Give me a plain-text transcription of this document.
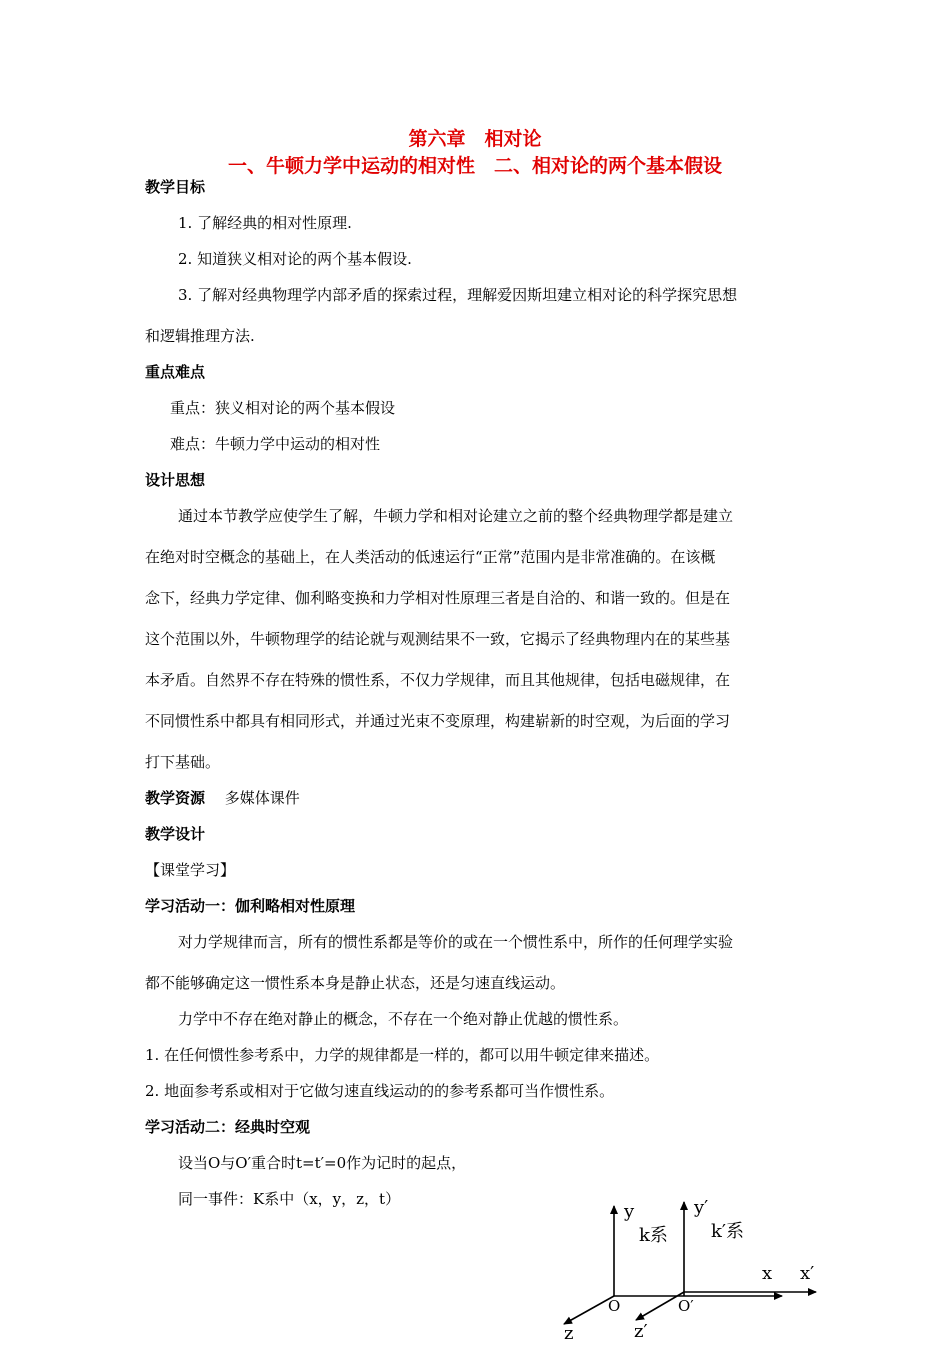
第六章　相对论
一、牛顿力学中运动的相对性　二、相对论的两个基本假设
教学目标
1. 了解经典的相对性原理.
2. 知道狭义相对论的两个基本假设.
3. 了解对经典物理学内部矛盾的探索过程，理解爱因斯坦建立相对论的科学探究思想
和逻辑推理方法.
重点难点
重点：狭义相对论的两个基本假设
难点：牛顿力学中运动的相对性
设计思想
通过本节教学应使学生了解，牛顿力学和相对论建立之前的整个经典物理学都是建立
在绝对时空概念的基础上，在人类活动的低速运行“正常”范围内是非常准确的。在该概
念下，经典力学定律、伽利略变换和力学相对性原理三者是自洽的、和谐一致的。但是在
这个范围以外，牛顿物理学的结论就与观测结果不一致，它揭示了经典物理内在的某些基
本矛盾。自然界不存在特殊的惯性系，不仅力学规律，而且其他规律，包括电磁规律，在
不同惯性系中都具有相同形式，并通过光束不变原理，构建崭新的时空观，为后面的学习
打下基础。
教学资源 多媒体课件
教学设计
【课堂学习】
学习活动一：伽利略相对性原理
对力学规律而言，所有的惯性系都是等价的或在一个惯性系中，所作的任何理学实验
都不能够确定这一惯性系本身是静止状态，还是匀速直线运动。
力学中不存在绝对静止的概念，不存在一个绝对静止优越的惯性系。
1. 在任何惯性参考系中，力学的规律都是一样的，都可以用牛顿定律来描述。
2. 地面参考系或相对于它做匀速直线运动的的参考系都可当作惯性系。
学习活动二：经典时空观
设当O与O′重合时t=t′=0作为记时的起点，
同一事件：K系中（x，y，z，t）
y	y′
k系 k′系
x x′
O	O′
z	z′
